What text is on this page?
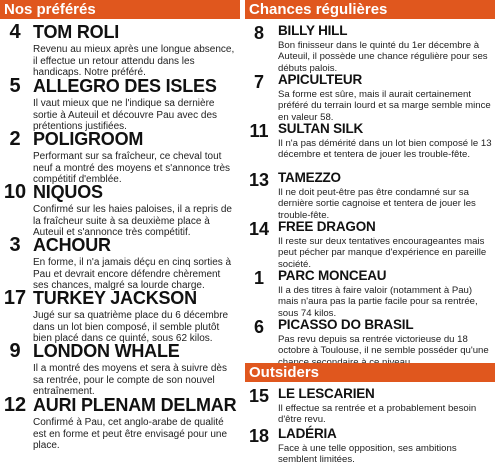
Nos préférés
4 TOM ROLI
Revenu au mieux après une longue absence, il effectue un retour attendu dans les handicaps. Notre préféré.
5 ALLEGRO DES ISLES
Il vaut mieux que ne l'indique sa dernière sortie à Auteuil et découvre Pau avec des prétentions justifiées.
2 POLIGROOM
Performant sur sa fraîcheur, ce cheval tout neuf a montré des moyens et s'annonce très compétitif d'emblée.
10 NIQUOS
Confirmé sur les haies paloises, il a repris de la fraîcheur suite à sa deuxième place à Auteuil et s'annonce très compétitif.
3 ACHOUR
En forme, il n'a jamais déçu en cinq sorties à Pau et devrait encore défendre chèrement ses chances, malgré sa lourde charge.
17 TURKEY JACKSON
Jugé sur sa quatrième place du 6 décembre dans un lot bien composé, il semble plutôt bien placé dans ce quinté, sous 62 kilos.
9 LONDON WHALE
Il a montré des moyens et sera à suivre dès sa rentrée, pour le compte de son nouvel entraînement.
12 AURI PLENAM DELMAR
Confirmé à Pau, cet anglo-arabe de qualité est en forme et peut être envisagé pour une place.
Chances régulières
8	BILLY HILL
Bon finisseur dans le quinté du 1er décembre à Auteuil, il possède une chance régulière pour ses débuts palois.
7	APICULTEUR
Sa forme est sûre, mais il aurait certainement préféré du terrain lourd et sa marge semble mince en valeur 58.
11 SULTAN SILK
Il n'a pas démérité dans un lot bien composé le 13 décembre et tentera de jouer les trouble-fête.
13 TAMEZZO
Il ne doit peut-être pas être condamné sur sa dernière sortie cagnoise et tentera de jouer les trouble-fête.
14 FREE DRAGON
Il reste sur deux tentatives encourageantes mais peut pécher par manque d'expérience en pareille société.
1	PARC MONCEAU
Il a des titres à faire valoir (notamment à Pau) mais n'aura pas la partie facile pour sa rentrée, sous 74 kilos.
6	PICASSO DO BRASIL
Pas revu depuis sa rentrée victorieuse du 18 octobre à Toulouse, il ne semble posséder qu'une
Outsiders
15 LE LESCARIEN
Il effectue sa rentrée et a probablement besoin d'être revu.
18 LADÉRIA
Face à une telle opposition, ses ambitions semblent limitées.
